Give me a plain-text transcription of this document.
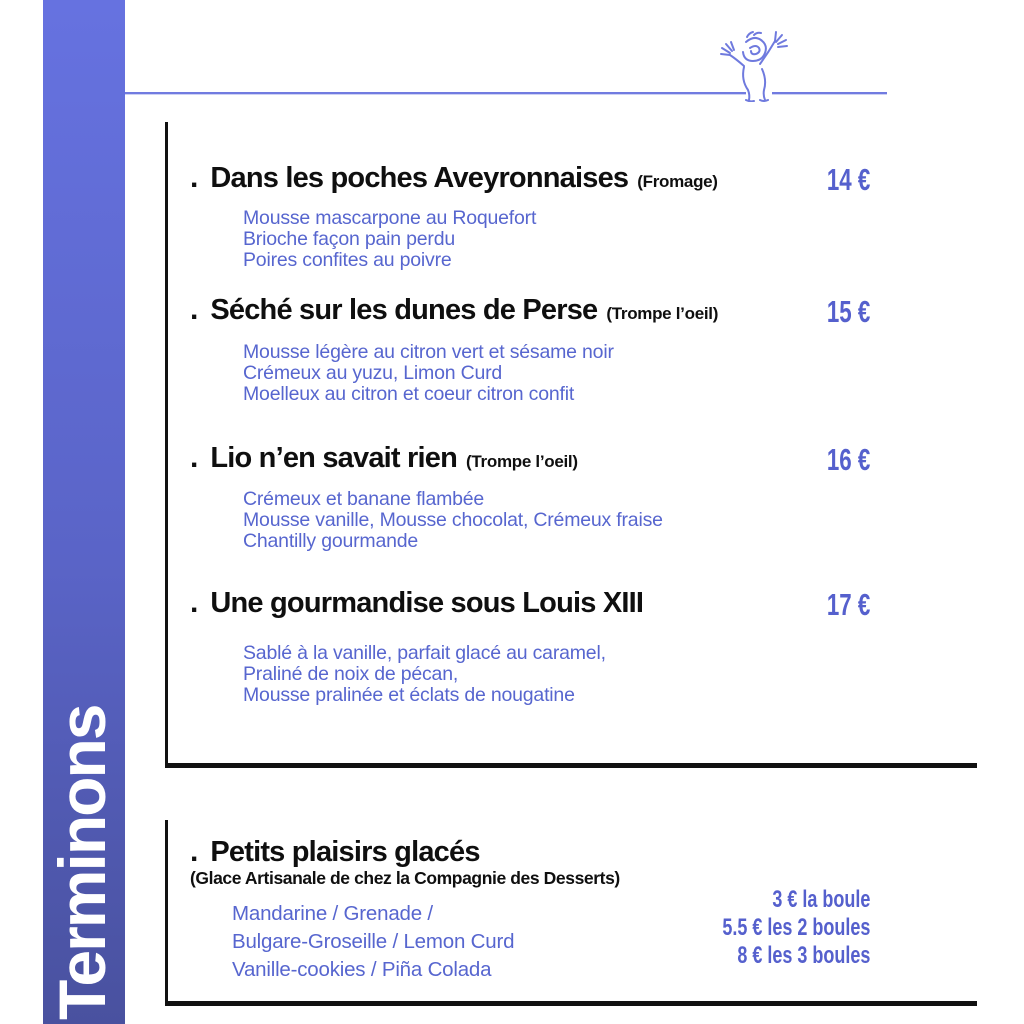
Terminons
. Dans les poches Aveyronnaises (Fromage)	14 €
Mousse mascarpone au Roquefort
Brioche façon pain perdu
Poires confites au poivre
. Séché sur les dunes de Perse (Trompe l’oeil)	15 €
Mousse légère au citron vert et sésame noir
Crémeux au yuzu, Limon Curd
Moelleux au citron et coeur citron confit
. Lio n’en savait rien (Trompe l’oeil)	16 €
Crémeux et banane flambée
Mousse vanille, Mousse chocolat, Crémeux fraise
Chantilly gourmande
. Une gourmandise sous Louis XIII	17 €
Sablé à la vanille, parfait glacé au caramel,
Praliné de noix de pécan,
Mousse pralinée et éclats de nougatine
. Petits plaisirs glacés
(Glace Artisanale de chez la Compagnie des Desserts)
Mandarine / Grenade /
Bulgare-Groseille / Lemon Curd
Vanille-cookies / Piña Colada
3 € la boule
5.5 € les 2 boules
8 € les 3 boules
